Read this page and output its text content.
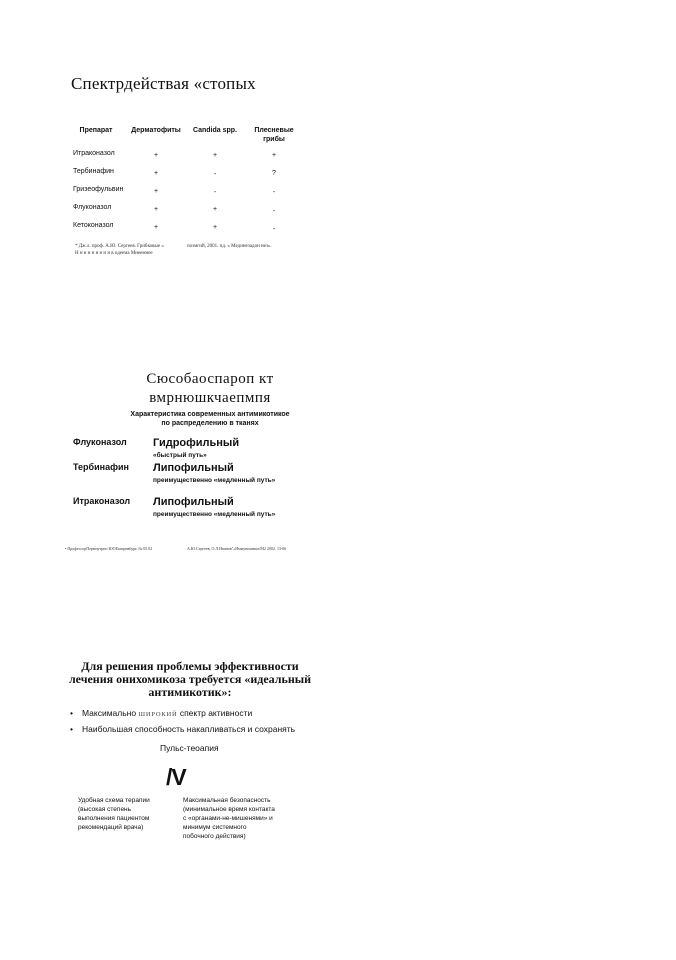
Спектрдействая «стопых
Препарат	Дерматофиты	Candida spp.	Плесневые грибы
Итраконазол	+	+	+
Тербинафин	+	-	?
Гризеофульвин	+	-	-
Флуконазол	+	+	-
Кетоконазол	+	+	-
* Дж.л. проф. А.Ю. Сергеев. Грибковые »
Н н н н н н н н н в одеема Мнеемнее
позмгий, 2001. пд. « Мединезадон нез».
Сюсобаоспароп кт
вмрнюшкчаепмпя
Характеристика современных антимикотикое
по распределению в тканях
Флуконазол Гидрофильный
«быстрый путь»
Тербинафин Липофильный
преимущественно «медленный путь»
Итраконазол Липофильный
преимущественно «медленный путь»
• ПрофессорПермнутрно ЮОЕкатрнвбург. № 05.02	А.Ю.Сергеев, О.Л.Иванов"«Иммуномнкоз/М2 2002, 13-06
Для решения проблемы эффективности
лечения онихомикоза требуется «идеальный
антимикотик»:
• Максимально ШИРОКИЙ спектр активности
• Наибольшая способность накапливаться и сохранять
Пульс-теоапия
/V
Удобная схема терапии
(высокая степень
выполнения пациентом
рекомендаций врача)
Максимальная безопасность
(минимальное время контакта
с «органами-не-мишенями» и
минимум системного
побочного действия)
